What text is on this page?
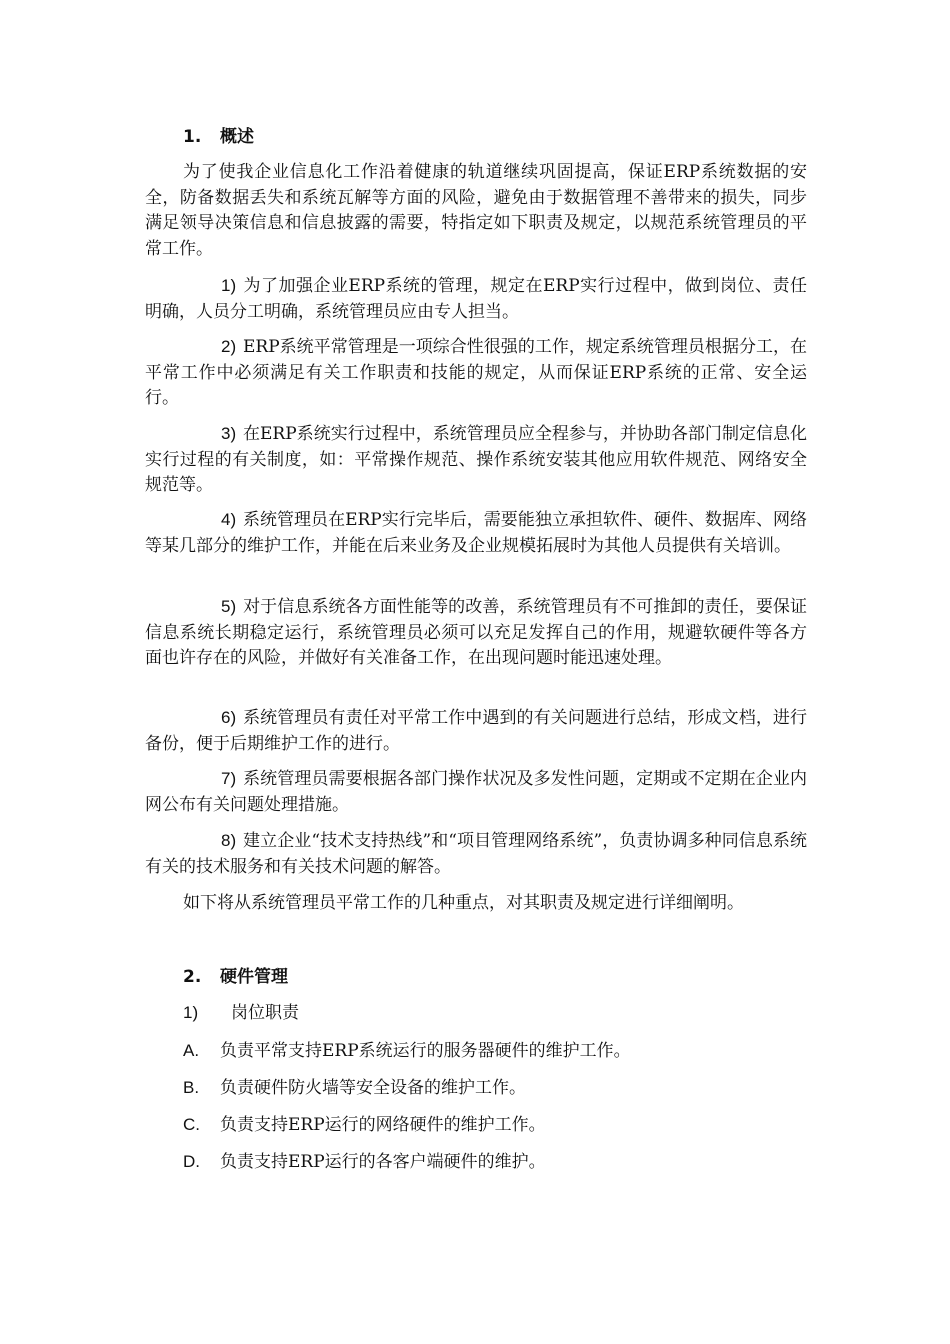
1. 概述

为了使我企业信息化工作沿着健康的轨道继续巩固提高，保证ERP系统数据的安全，防备数据丢失和系统瓦解等方面的风险，避免由于数据管理不善带来的损失，同步满足领导决策信息和信息披露的需要，特指定如下职责及规定，以规范系统管理员的平常工作。

1) 为了加强企业ERP系统的管理，规定在ERP实行过程中，做到岗位、责任明确，人员分工明确，系统管理员应由专人担当。

2) ERP系统平常管理是一项综合性很强的工作，规定系统管理员根据分工，在平常工作中必须满足有关工作职责和技能的规定，从而保证ERP系统的正常、安全运行。

3) 在ERP系统实行过程中，系统管理员应全程参与，并协助各部门制定信息化实行过程的有关制度，如：平常操作规范、操作系统安装其他应用软件规范、网络安全规范等。

4) 系统管理员在ERP实行完毕后，需要能独立承担软件、硬件、数据库、网络等某几部分的维护工作，并能在后来业务及企业规模拓展时为其他人员提供有关培训。

5) 对于信息系统各方面性能等的改善，系统管理员有不可推卸的责任，要保证信息系统长期稳定运行，系统管理员必须可以充足发挥自己的作用，规避软硬件等各方面也许存在的风险，并做好有关准备工作，在出现问题时能迅速处理。

6) 系统管理员有责任对平常工作中遇到的有关问题进行总结，形成文档，进行备份，便于后期维护工作的进行。

7) 系统管理员需要根据各部门操作状况及多发性问题，定期或不定期在企业内网公布有关问题处理措施。

8) 建立企业“技术支持热线”和“项目管理网络系统”，负责协调多种同信息系统有关的技术服务和有关技术问题的解答。

如下将从系统管理员平常工作的几种重点，对其职责及规定进行详细阐明。

2. 硬件管理
1) 岗位职责
A. 负责平常支持ERP系统运行的服务器硬件的维护工作。
B. 负责硬件防火墙等安全设备的维护工作。
C. 负责支持ERP运行的网络硬件的维护工作。
D. 负责支持ERP运行的各客户端硬件的维护。
